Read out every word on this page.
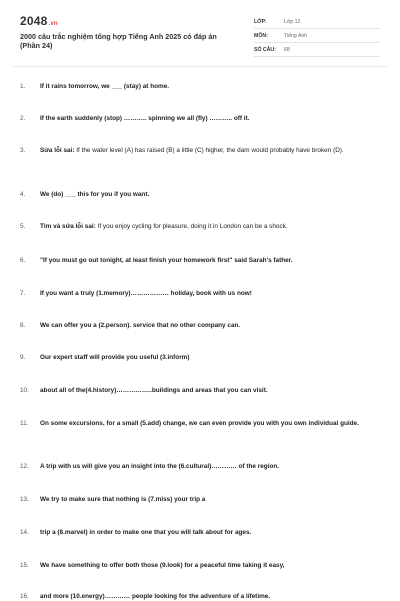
2048.vn
2000 câu trắc nghiệm tổng hợp Tiếng Anh 2025 có đáp án (Phần 24)
LỚP:	Lớp 12
MÔN:	Tiếng Anh
SỐ CÂU: 68
1. If it rains tomorrow, we ___ (stay) at home.
2. If the earth suddenly (stop) ……….. spinning we all (fly) ……….. off it.
3. Sửa lỗi sai: If the water level (A) has raised (B) a little (C) higher, the dam would probably have broken (D).
4. We (do) ___ this for you if you want.
5. Tìm và sửa lỗi sai: If you enjoy cycling for pleasure, doing it in London can be a shock.
6. "If you must go out tonight, at least finish your homework first" said Sarah's father.
7. If you want a truly (1.memory)……………… holiday, book with us now!
8. We can offer you a (2.person). service that no other company can.
9. Our expert staff will provide you useful (3.inform)
10. about all of the(4.history)……………..buildings and areas that you can visit.
11. On some excursions, for a small (5.add) change, we can even provide you with you own individual guide.
12. A trip with us will give you an insight into the (6.cultural)………… of the region.
13. We try to make sure that nothing is (7.miss) your trip a
14. trip a (8.marvel) in order to make one that you will talk about for ages.
15. We have something to offer both those (9.look) for a peaceful time taking it easy,
16. and more (10.energy)………… people looking for the adventure of a lifetime.
